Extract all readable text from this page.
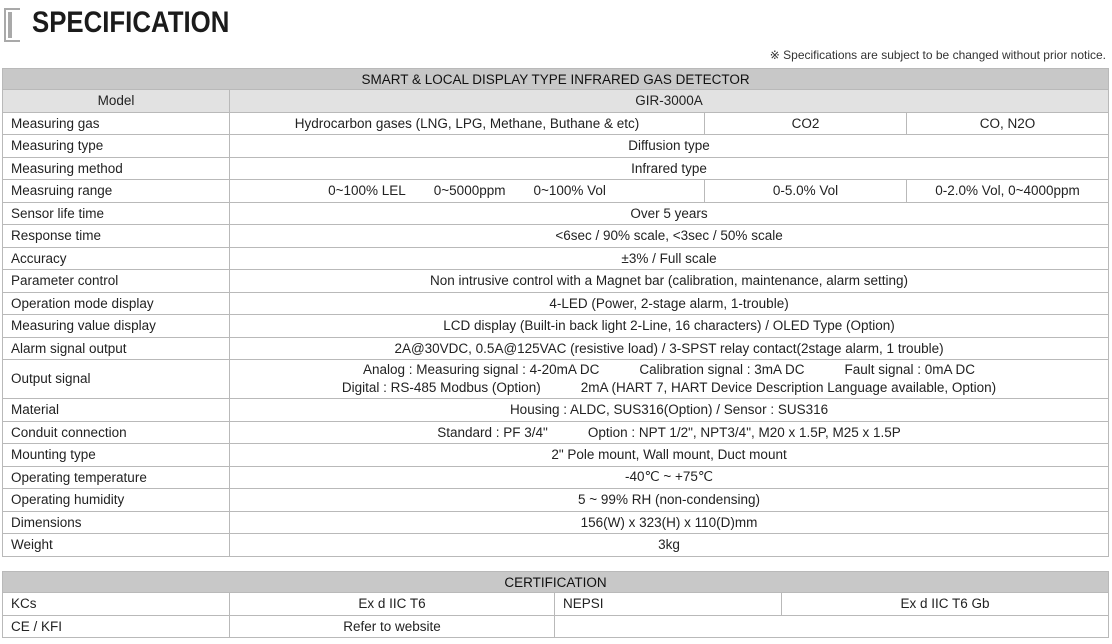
SPECIFICATION
※ Specifications are subject to be changed without prior notice.
SMART & LOCAL DISPLAY TYPE INFRARED GAS DETECTOR			
Model	GIR-3000A		
Measuring gas	Hydrocarbon gases (LNG, LPG, Methane, Buthane & etc)	CO2	CO, N2O
Measuring type	Diffusion type		
Measuring method	Infrared type		
Measruing range	0~100% LEL 0~5000ppm 0~100% Vol	0-5.0% Vol	0-2.0% Vol, 0~4000ppm
Sensor life time	Over 5 years		
Response time	<6sec / 90% scale, <3sec / 50% scale		
Accuracy	±3% / Full scale		
Parameter control	Non intrusive control with a Magnet bar (calibration, maintenance, alarm setting)		
Operation mode display	4-LED (Power, 2-stage alarm, 1-trouble)		
Measuring value display	LCD display (Built-in back light 2-Line, 16 characters) / OLED Type (Option)		
Alarm signal output	2A@30VDC, 0.5A@125VAC (resistive load) / 3-SPST relay contact(2stage alarm, 1 trouble)		
Output signal	Analog : Measuring signal : 4-20mA DC Calibration signal : 3mA DC Fault signal : 0mA DC
Digital : RS-485 Modbus (Option) 2mA (HART 7, HART Device Description Language available, Option)		

Material	Housing : ALDC, SUS316(Option) / Sensor : SUS316		
Conduit connection	Standard : PF 3/4" Option : NPT 1/2", NPT3/4", M20 x 1.5P, M25 x 1.5P		
Mounting type	2" Pole mount, Wall mount, Duct mount		
Operating temperature	-40℃ ~ +75℃		
Operating humidity	5 ~ 99% RH (non-condensing)		
Dimensions	156(W) x 323(H) x 110(D)mm		
Weight	3kg		
CERTIFICATION			
KCs	Ex d IIC T6	NEPSI	Ex d IIC T6 Gb
CE / KFI	Refer to website		
